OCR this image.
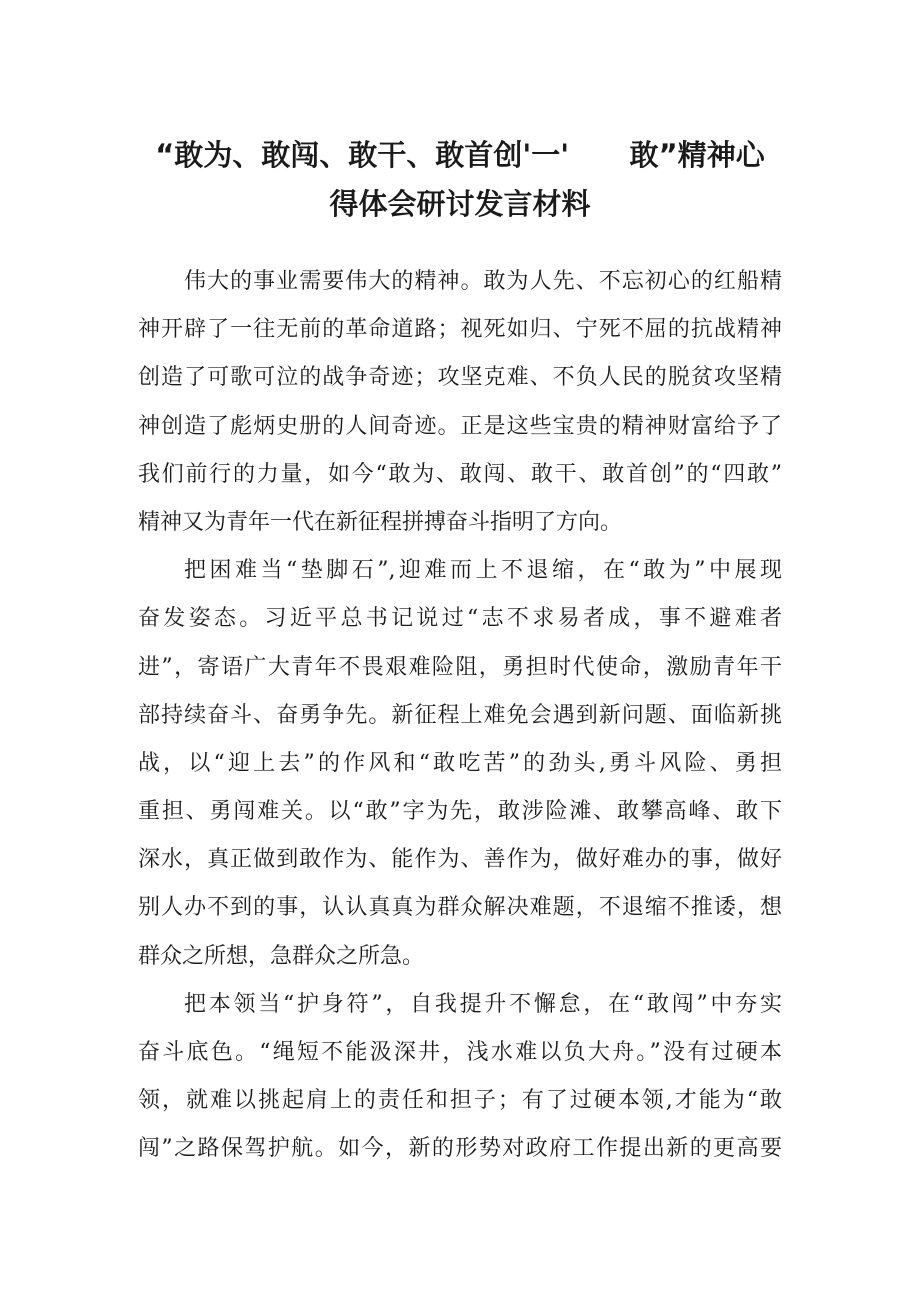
“敢为、敢闯、敢干、敢首创'一'      敢”精神心
得体会研讨发言材料
伟大的事业需要伟大的精神。敢为人先、不忘初心的红船精
神开辟了一往无前的革命道路；视死如归、宁死不屈的抗战精神
创造了可歌可泣的战争奇迹；攻坚克难、不负人民的脱贫攻坚精
神创造了彪炳史册的人间奇迹。正是这些宝贵的精神财富给予了
我们前行的力量，如今“敢为、敢闯、敢干、敢首创”的“四敢”
精神又为青年一代在新征程拼搏奋斗指明了方向。
把困难当“垫脚石”,迎难而上不退缩，在“敢为”中展现
奋发姿态。习近平总书记说过“志不求易者成，事不避难者
进”，寄语广大青年不畏艰难险阻，勇担时代使命，激励青年干
部持续奋斗、奋勇争先。新征程上难免会遇到新问题、面临新挑
战，以“迎上去”的作风和“敢吃苦”的劲头,勇斗风险、勇担
重担、勇闯难关。以“敢”字为先，敢涉险滩、敢攀高峰、敢下
深水，真正做到敢作为、能作为、善作为，做好难办的事，做好
别人办不到的事，认认真真为群众解决难题，不退缩不推诿，想
群众之所想，急群众之所急。
把本领当“护身符”，自我提升不懈怠，在“敢闯”中夯实
奋斗底色。“绳短不能汲深井，浅水难以负大舟。”没有过硬本
领，就难以挑起肩上的责任和担子；有了过硬本领,才能为“敢
闯”之路保驾护航。如今，新的形势对政府工作提出新的更高要
